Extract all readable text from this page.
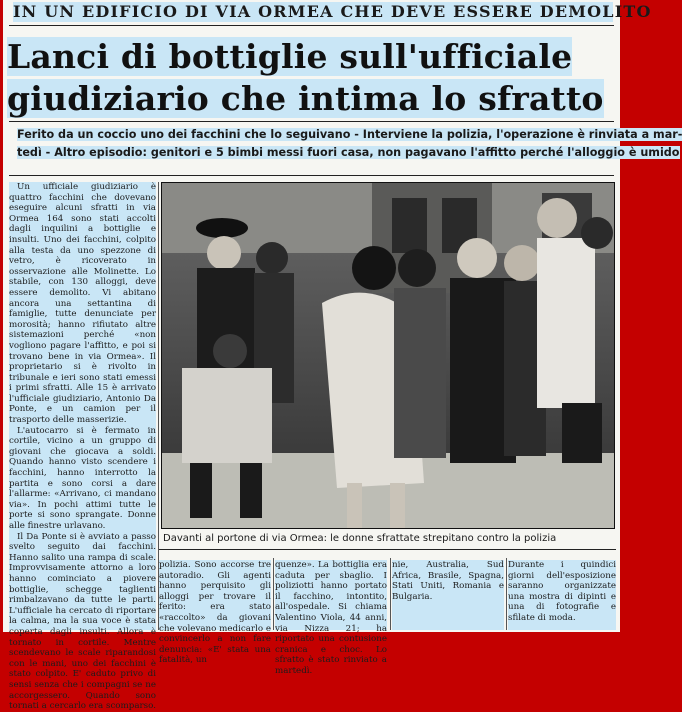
IN UN EDIFICIO DI VIA ORMEA CHE DEVE ESSERE DEMOLITO
Lanci di bottiglie sull'ufficiale
giudiziario che intima lo sfratto
Ferito da un coccio uno dei facchini che lo seguivano - Interviene la polizia, l'operazione è rinviata a mar-
tedì - Altro episodio: genitori e 5 bimbi messi fuori casa, non pagavano l'affitto perché l'alloggio è umido

Un ufficiale giudiziario è quattro facchini che dovevano eseguire alcuni sfratti in via Ormea 164 sono stati accolti dagli inquilini a bottiglie e insulti. Uno dei facchini, colpito alla testa da uno spezzone di vetro, è ricoverato in osservazione alle Molinette. Lo stabile, con 130 alloggi, deve essere demolito. Vi abitano ancora una settantina di famiglie, tutte denunciate per morosità; hanno rifiutato altre sistemazioni perché «non vogliono pagare l'affitto, e poi si trovano bene in via Ormea». Il proprietario si è rivolto in tribunale e ieri sono stati emessi i primi sfratti. Alle 15 è arrivato l'ufficiale giudiziario, Antonio Da Ponte, e un camion per il trasporto delle masserizie.

L'autocarro si è fermato in cortile, vicino a un gruppo di giovani che giocava a soldi. Quando hanno visto scendere i facchini, hanno interrotto la partita e sono corsi a dare l'allarme: «Arrivano, ci mandano via». In pochi attimi tutte le porte si sono sprangate. Donne alle finestre urlavano.

Il Da Ponte si è avviato a passo svelto seguito dai facchini. Hanno salito una rampa di scale. Improvvisamente attorno a loro hanno cominciato a piovere bottiglie, schegge taglienti rimbalzavano da tutte le parti. L'ufficiale ha cercato di riportare la calma, ma la sua voce è stata coperta dagli insulti. Allora è tornato in cortile. Mentre scendevano le scale riparandosi con le mani, uno dei facchini è stato colpito. E' caduto privo di sensi senza che i compagni se ne accorgessero. Quando sono tornati a cercarlo era scomparso.

Davanti al portone di via Ormea: le donne sfrattate strepitano contro la polizia

polizia. Sono accorse tre autoradio. Gli agenti hanno perquisito gli alloggi per trovare il ferito: era stato «raccolto» da giovani che volevano medicarlo e convincerlo a non fare denuncia: «E' stata una fatalità, un

quenze». La bottiglia era caduta per sbaglio. I poliziotti hanno portato il facchino, intontito, all'ospedale. Si chiama Valentino Viola, 44 anni, via Nizza 21; ha riportato una contusione cranica e choc. Lo sfratto è stato rinviato a martedì.

nie, Australia, Sud Africa, Brasile, Spagna, Stati Uniti, Romania e Bulgaria.

Durante i quindici giorni dell'esposizione saranno organizzate una mostra di dipinti e una di fotografie e sfilate di moda.
